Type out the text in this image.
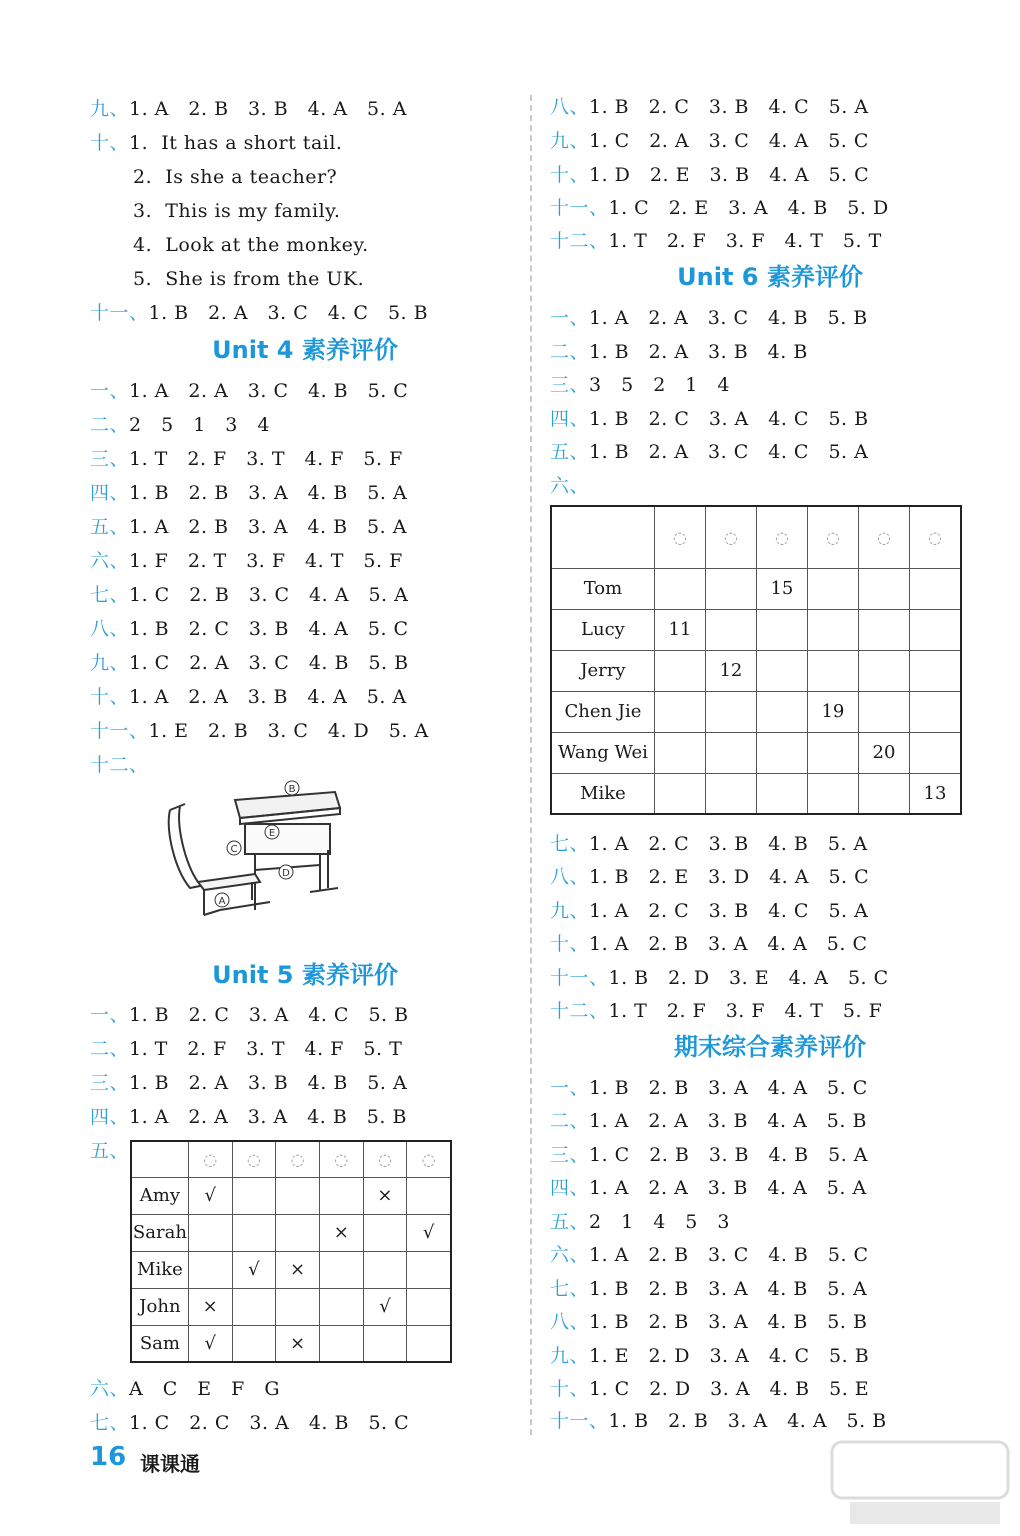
九、1. A　2. B　3. B　4. A　5. A
十、1.  It has a short tail.
2.  Is she a teacher?
3.  This is my family.
4.  Look at the monkey.
5.  She is from the UK.
十一、1. B　2. A　3. C　4. C　5. B
Unit 4 素养评价
一、1. A　2. A　3. C　4. B　5. C
二、2　5　1　3　4
三、1. T　2. F　3. T　4. F　5. F
四、1. B　2. B　3. A　4. B　5. A
五、1. A　2. B　3. A　4. B　5. A
六、1. F　2. T　3. F　4. T　5. F
七、1. C　2. B　3. C　4. A　5. A
八、1. B　2. C　3. B　4. A　5. C
九、1. C　2. A　3. C　4. B　5. B
十、1. A　2. A　3. B　4. A　5. A
十一、1. E　2. B　3. C　4. D　5. A
十二、
B
E
C
D
A
Unit 5 素养评价
一、1. B　2. C　3. A　4. C　5. B
二、1. T　2. F　3. T　4. F　5. T
三、1. B　2. A　3. B　4. B　5. A
四、1. A　2. A　3. A　4. B　5. B
五、
		◌	◌	◌	◌	◌	◌
Amy	√				×	
Sarah				×		√
Mike		√	×			
John	×				√	
Sam	√		×			
六、A　C　E　F　G
七、1. C　2. C　3. A　4. B　5. C
八、1. B　2. C　3. B　4. C　5. A
九、1. C　2. A　3. C　4. A　5. C
十、1. D　2. E　3. B　4. A　5. C
十一、1. C　2. E　3. A　4. B　5. D
十二、1. T　2. F　3. F　4. T　5. T
Unit 6 素养评价
一、1. A　2. A　3. C　4. B　5. B
二、1. B　2. A　3. B　4. B
三、3　5　2　1　4
四、1. B　2. C　3. A　4. C　5. B
五、1. B　2. A　3. C　4. C　5. A
六、
	◌	◌	◌	◌	◌	◌
Tom			15			
Lucy	11					
Jerry		12				
Chen Jie				19		
Wang Wei					20	
Mike						13
七、1. A　2. C　3. B　4. B　5. A
八、1. B　2. E　3. D　4. A　5. C
九、1. A　2. C　3. B　4. C　5. A
十、1. A　2. B　3. A　4. A　5. C
十一、1. B　2. D　3. E　4. A　5. C
十二、1. T　2. F　3. F　4. T　5. F
期末综合素养评价
一、1. B　2. B　3. A　4. A　5. C
二、1. A　2. A　3. B　4. A　5. B
三、1. C　2. B　3. B　4. B　5. A
四、1. A　2. A　3. B　4. A　5. A
五、2　1　4　5　3
六、1. A　2. B　3. C　4. B　5. C
七、1. B　2. B　3. A　4. B　5. A
八、1. B　2. B　3. A　4. B　5. B
九、1. E　2. D　3. A　4. C　5. B
十、1. C　2. D　3. A　4. B　5. E
十一、1. B　2. B　3. A　4. A　5. B
16 课课通
